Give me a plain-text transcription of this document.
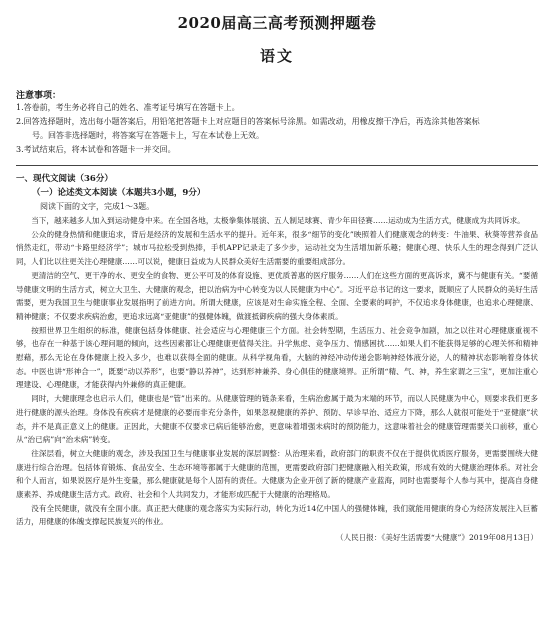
2020届高三高考预测押题卷
语文
注意事项：

1.答卷前，考生务必将自己的姓名、准考证号填写在答题卡上。

2.回答选择题时，选出每小题答案后，用铅笔把答题卡上对应题目的答案标号涂黑。如需改动，用橡皮擦干净后，再选涂其他答案标

号。回答非选择题时，将答案写在答题卡上，写在本试卷上无效。

3.考试结束后，将本试卷和答题卡一并交回。

一、现代文阅读（36分）
（一）论述类文本阅读（本题共3小题，9分）
阅读下面的文字，完成1～3题。

当下，越来越多人加入到运动健身中来。在全国各地，太极拳集体展演、五人制足球赛、青少年田径赛……运动成为生活方式，健康成为共同诉求。

公众的健身热情和健康追求，背后是经济的发展和生活水平的提升。近年来，很多“细节的变化”映照着人们健康观念的转变：牛油果、秋葵等营养食品悄然走红，带动“卡路里经济学”；城市马拉松受到热捧，手机APP记录走了多少步，运动社交为生活增加新乐趣；健康心理、快乐人生的理念得到广泛认同，人们比以往更关注心理健康……可以说，健康日益成为人民群众美好生活需要的重要组成部分。

更清洁的空气、更干净的水、更安全的食物、更公平可及的体育设施、更优质普惠的医疗服务……人们在这些方面的更高诉求，冀不与健康有关。“要循导健康文明的生活方式，树立大卫生、大健康的观念，把以治病为中心转变为以人民健康为中心”。习近平总书记的这一要求，既顺应了人民群众的美好生活需要，更为我国卫生与健康事业发展指明了前进方向。所谓大健康，应该是对生命实施全程、全面、全要素的呵护，不仅追求身体健康，也追求心理健康、精神健康；不仅要求疾病治愈，更追求远离“亚健康”的强健体魄，做渡抵御疾病的强大身体素质。

按照世界卫生组织的标准，健康包括身体健康、社会适应与心理健康三个方面。社会转型期，生活压力、社会竞争加剧，加之以往对心理健康重视不够，也存在一种基于该心理问题的倾向，这些因素都让心理健康更值得关注。升学焦虑、竞争压力、情感困扰……如果人们不能获得足够的心理关怀和精神慰藉，那么无论在身体健康上投入多少，也难以获得全面的健康。从科学视角看，大脑的神经冲动传递会影响神经体液分泌，人的精神状态影响着身体状态。中医也讲“形神合一”，既要“动以养形”，也要“静以养神”，达到形神兼养、身心俱佳的健康境界。正所谓“精、气、神，养生家谓之三宝”，更加注重心理建设、心理健康，才能获得内外兼修的真正健康。

同时，大健康理念也启示人们，健康也是“管”出来的。从健康管理的链条来看，生病治愈属于最为末端的环节，而以人民健康为中心，则要求我们更多进行健康的源头治理。身体没有疾病才是健康的必要而非充分条件，如果忽视健康的养护、预防、早诊早治、适应力下降，那么人就很可能处于“亚健康”状态，并不是真正意义上的健康。正因此，大健康不仅要求已病后能够治愈，更意味着增强未病时的预防能力，这意味着社会的健康管理需要关口前移，重心从“治已病”向“治未病”转变。

往深层看，树立大健康的观念，涉及我国卫生与健康事业发展的深层调整：从治理来看，政府部门的职责不仅在于提供优质医疗服务，更需要围绕大健康进行综合治理。包括体育锻炼、食品安全、生态环境等都属于大健康的范围，更需要政府部门把健康融入相关政策，形成有效的大健康治理体系。对社会和个人而言，如果说医疗是外生变量，那么健康就是每个人固有的责任。大健康为企业开创了新的健康产业蓝海，同时也需要每个人参与其中，提高自身健康素养、养成健康生活方式。政府、社会和个人共同发力，才能形成匹配于大健康的治理格局。

没有全民健康，就没有全面小康。真正把大健康的观念落实为实际行动，转化为近14亿中国人的强健体魄，我们就能用健康的身心为经济发展注入巨蓄活力，用健康的体魄支撑起民族复兴的伟业。

（人民日报：《美好生活需要“大健康”》2019年08月13日）
